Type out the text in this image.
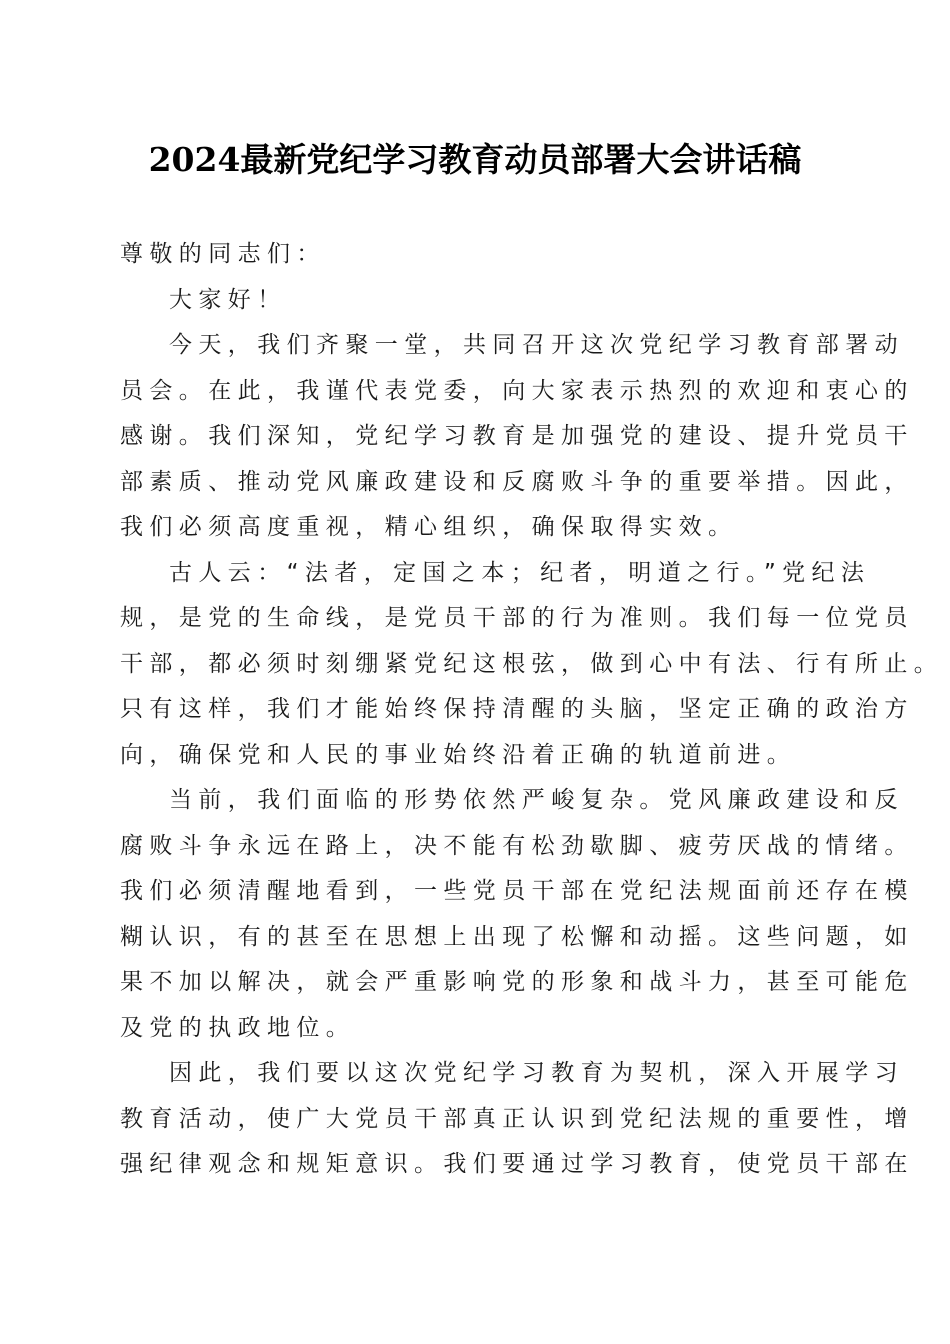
2024最新党纪学习教育动员部署大会讲话稿
尊敬的同志们：
大家好！
今天，我们齐聚一堂，共同召开这次党纪学习教育部署动
员会。在此，我谨代表党委，向大家表示热烈的欢迎和衷心的
感谢。我们深知，党纪学习教育是加强党的建设、提升党员干
部素质、推动党风廉政建设和反腐败斗争的重要举措。因此，
我们必须高度重视，精心组织，确保取得实效。
古人云：“法者，定国之本；纪者，明道之行。”党纪法
规，是党的生命线，是党员干部的行为准则。我们每一位党员
干部，都必须时刻绷紧党纪这根弦，做到心中有法、行有所止。
只有这样，我们才能始终保持清醒的头脑，坚定正确的政治方
向，确保党和人民的事业始终沿着正确的轨道前进。
当前，我们面临的形势依然严峻复杂。党风廉政建设和反
腐败斗争永远在路上，决不能有松劲歇脚、疲劳厌战的情绪。
我们必须清醒地看到，一些党员干部在党纪法规面前还存在模
糊认识，有的甚至在思想上出现了松懈和动摇。这些问题，如
果不加以解决，就会严重影响党的形象和战斗力，甚至可能危
及党的执政地位。
因此，我们要以这次党纪学习教育为契机，深入开展学习
教育活动，使广大党员干部真正认识到党纪法规的重要性，增
强纪律观念和规矩意识。我们要通过学习教育，使党员干部在
